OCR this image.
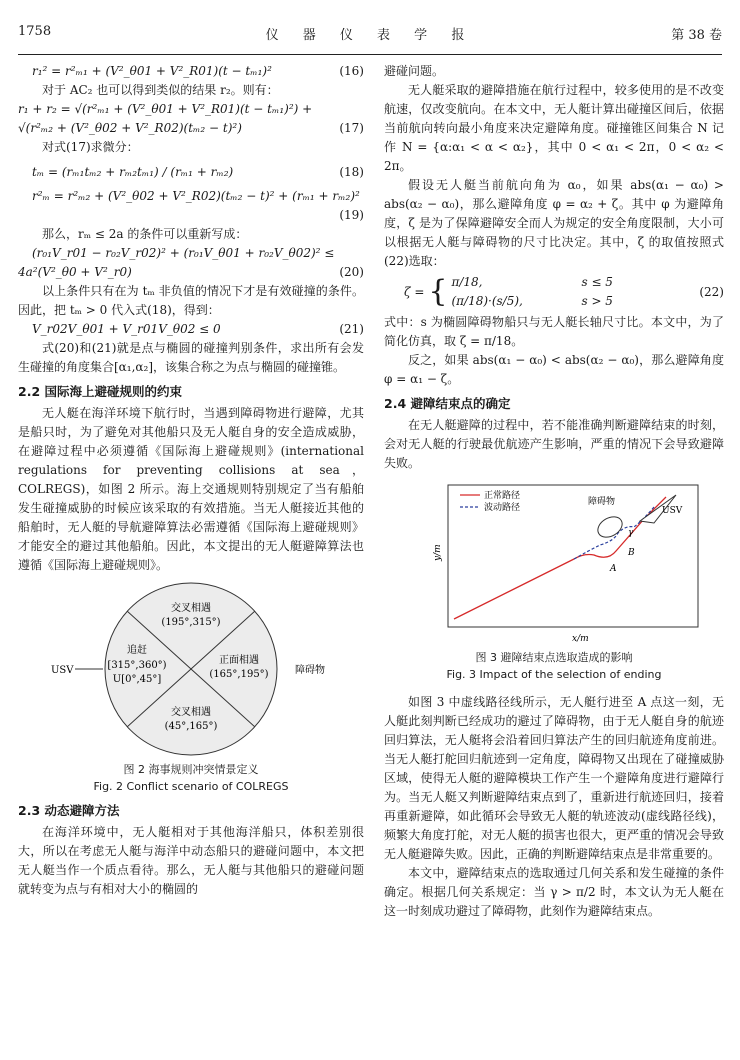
1758	仪 器 仪 表 学 报	第 38 卷
r₁² = r²ₘ₁ + (V²_θ01 + V²_R01)(t − tₘ₁)²	(16)

对于 AC₂ 也可以得到类似的结果 r₂。则有：

r₁ + r₂ = √(r²ₘ₁ + (V²_θ01 + V²_R01)(t − tₘ₁)²) +
√(r²ₘ₂ + (V²_θ02 + V²_R02)(tₘ₂ − t)²)	(17)

对式(17)求微分：

tₘ = (rₘ₁tₘ₂ + rₘ₂tₘ₁) / (rₘ₁ + rₘ₂)	(18)
r²ₘ = r²ₘ₂ + (V²_θ02 + V²_R02)(tₘ₂ − t)² + (rₘ₁ + rₘ₂)²
(19)

那么，rₘ ≤ 2a 的条件可以重新写成：

(r₀₁V_r01 − r₀₂V_r02)² + (r₀₁V_θ01 + r₀₂V_θ02)² ≤
4a²(V²_θ0 + V²_r0)	(20)

以上条件只有在为 tₘ 非负值的情况下才是有效碰撞的条件。因此，把 tₘ > 0 代入式(18)，得到：

V_r02V_θ01 + V_r01V_θ02 ≤ 0	(21)

式(20)和(21)就是点与椭圆的碰撞判别条件，求出所有会发生碰撞的角度集合[α₁,α₂]，该集合称之为点与椭圆的碰撞锥。

2.2 国际海上避碰规则的约束

无人艇在海洋环境下航行时，当遇到障碍物进行避障，尤其是船只时，为了避免对其他船只及无人艇自身的安全造成威胁，在避障过程中必须遵循《国际海上避碰规则》(international regulations for preventing collisions at sea，COLREGS)，如图 2 所示。海上交通规则特别规定了当有船舶发生碰撞威胁的时候应该采取的有效措施。当无人艇接近其他的船舶时，无人艇的导航避障算法必需遵循《国际海上避碰规则》才能安全的避过其他船舶。因此，本文提出的无人艇避障算法也遵循《国际海上避碰规则》。

USV	障碍物
交叉相遇
(195°,315°)
追赶
[315°,360°)
U[0°,45°]
正面相遇
(165°,195°)
交叉相遇
(45°,165°)
图 2 海事规则冲突情景定义
Fig. 2 Conflict scenario of COLREGS
2.3 动态避障方法

在海洋环境中，无人艇相对于其他海洋船只，体积差别很大，所以在考虑无人艇与海洋中动态船只的避碰问题中，本文把无人艇当作一个质点看待。那么，无人艇与其他船只的避碰问题就转变为点与有相对大小的椭圆的

避碰问题。

无人艇采取的避障措施在航行过程中，较多使用的是不改变航速，仅改变航向。在本文中，无人艇计算出碰撞区间后，依据当前航向转向最小角度来决定避障角度。碰撞锥区间集合 N 记作 N = {α:α₁ < α < α₂}，其中 0 < α₁ < 2π，0 < α₂ < 2π。

假设无人艇当前航向角为 α₀，如果 abs(α₁ − α₀) > abs(α₂ − α₀)，那么避障角度 φ = α₂ + ζ。其中 φ 为避障角度，ζ 是为了保障避障安全而人为规定的安全角度限制，大小可以根据无人艇与障碍物的尺寸比决定。其中，ζ 的取值按照式(22)选取：

ζ = { π/18,	s ≤ 5
(π/18)·(s/5),	s > 5
(22)

式中：s 为椭圆障碍物船只与无人艇长轴尺寸比。本文中，为了简化仿真，取 ζ = π/18。

反之，如果 abs(α₁ − α₀) < abs(α₂ − α₀)，那么避障角度 φ = α₁ − ζ。

2.4 避障结束点的确定

在无人艇避障的过程中，若不能准确判断避障结束的时刻，会对无人艇的行驶最优航迹产生影响，严重的情况下会导致避障失败。

正常路径
波动路径
障碍物
USV
γ
A
B
x/m
y/m
图 3 避障结束点选取造成的影响
Fig. 3 Impact of the selection of ending

如图 3 中虚线路径线所示，无人艇行进至 A 点这一刻，无人艇此刻判断已经成功的避过了障碍物，由于无人艇自身的航迹回归算法，无人艇将会沿着回归算法产生的回归航迹角度前进。当无人艇打舵回归航迹到一定角度，障碍物又出现在了碰撞威胁区域，使得无人艇的避障模块工作产生一个避障角度进行避障行为。当无人艇又判断避障结束点到了，重新进行航迹回归，接着再重新避障，如此循环会导致无人艇的轨迹波动(虚线路径线)，频繁大角度打舵，对无人艇的损害也很大，更严重的情况会导致无人艇避障失败。因此，正确的判断避障结束点是非常重要的。

本文中，避障结束点的选取通过几何关系和发生碰撞的条件确定。根据几何关系规定：当 γ > π/2 时，本文认为无人艇在这一时刻成功避过了障碍物，此刻作为避障结束点。
